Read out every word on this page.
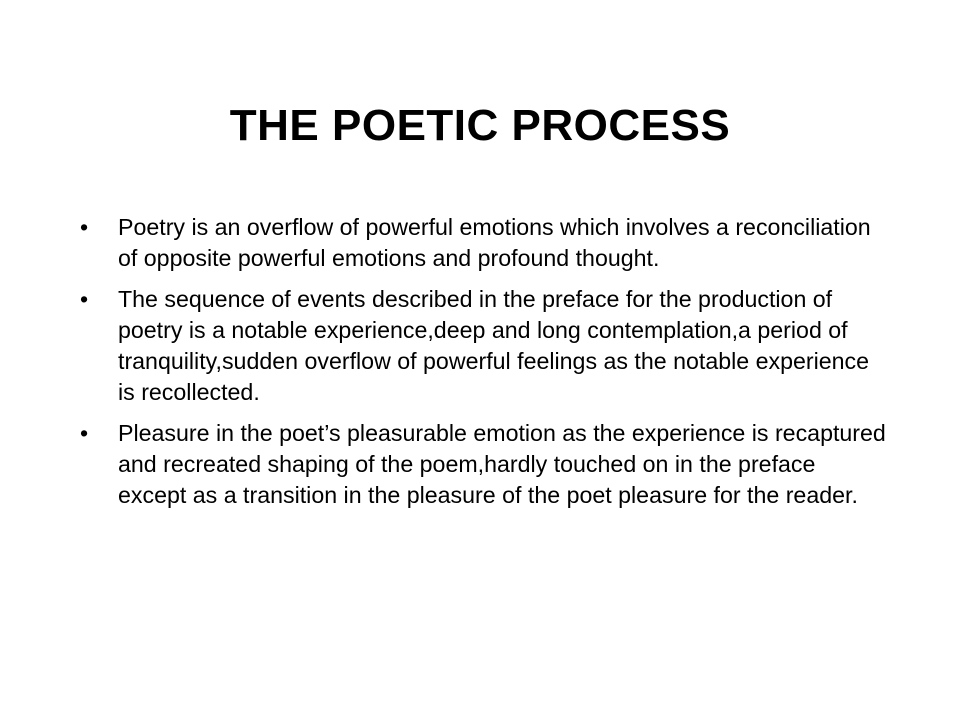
THE POETIC PROCESS
•	Poetry is an overflow of powerful emotions which involves a reconciliation of opposite powerful emotions and profound thought.
•	The sequence of events described in the preface for the production of poetry is a notable experience,deep and long contemplation,a period of tranquility,sudden overflow of powerful feelings as the notable experience is recollected.
•	Pleasure in the poet’s pleasurable emotion as the experience is recaptured and recreated shaping of the poem,hardly touched on in the preface except as a transition in the pleasure of the poet pleasure for the reader.
